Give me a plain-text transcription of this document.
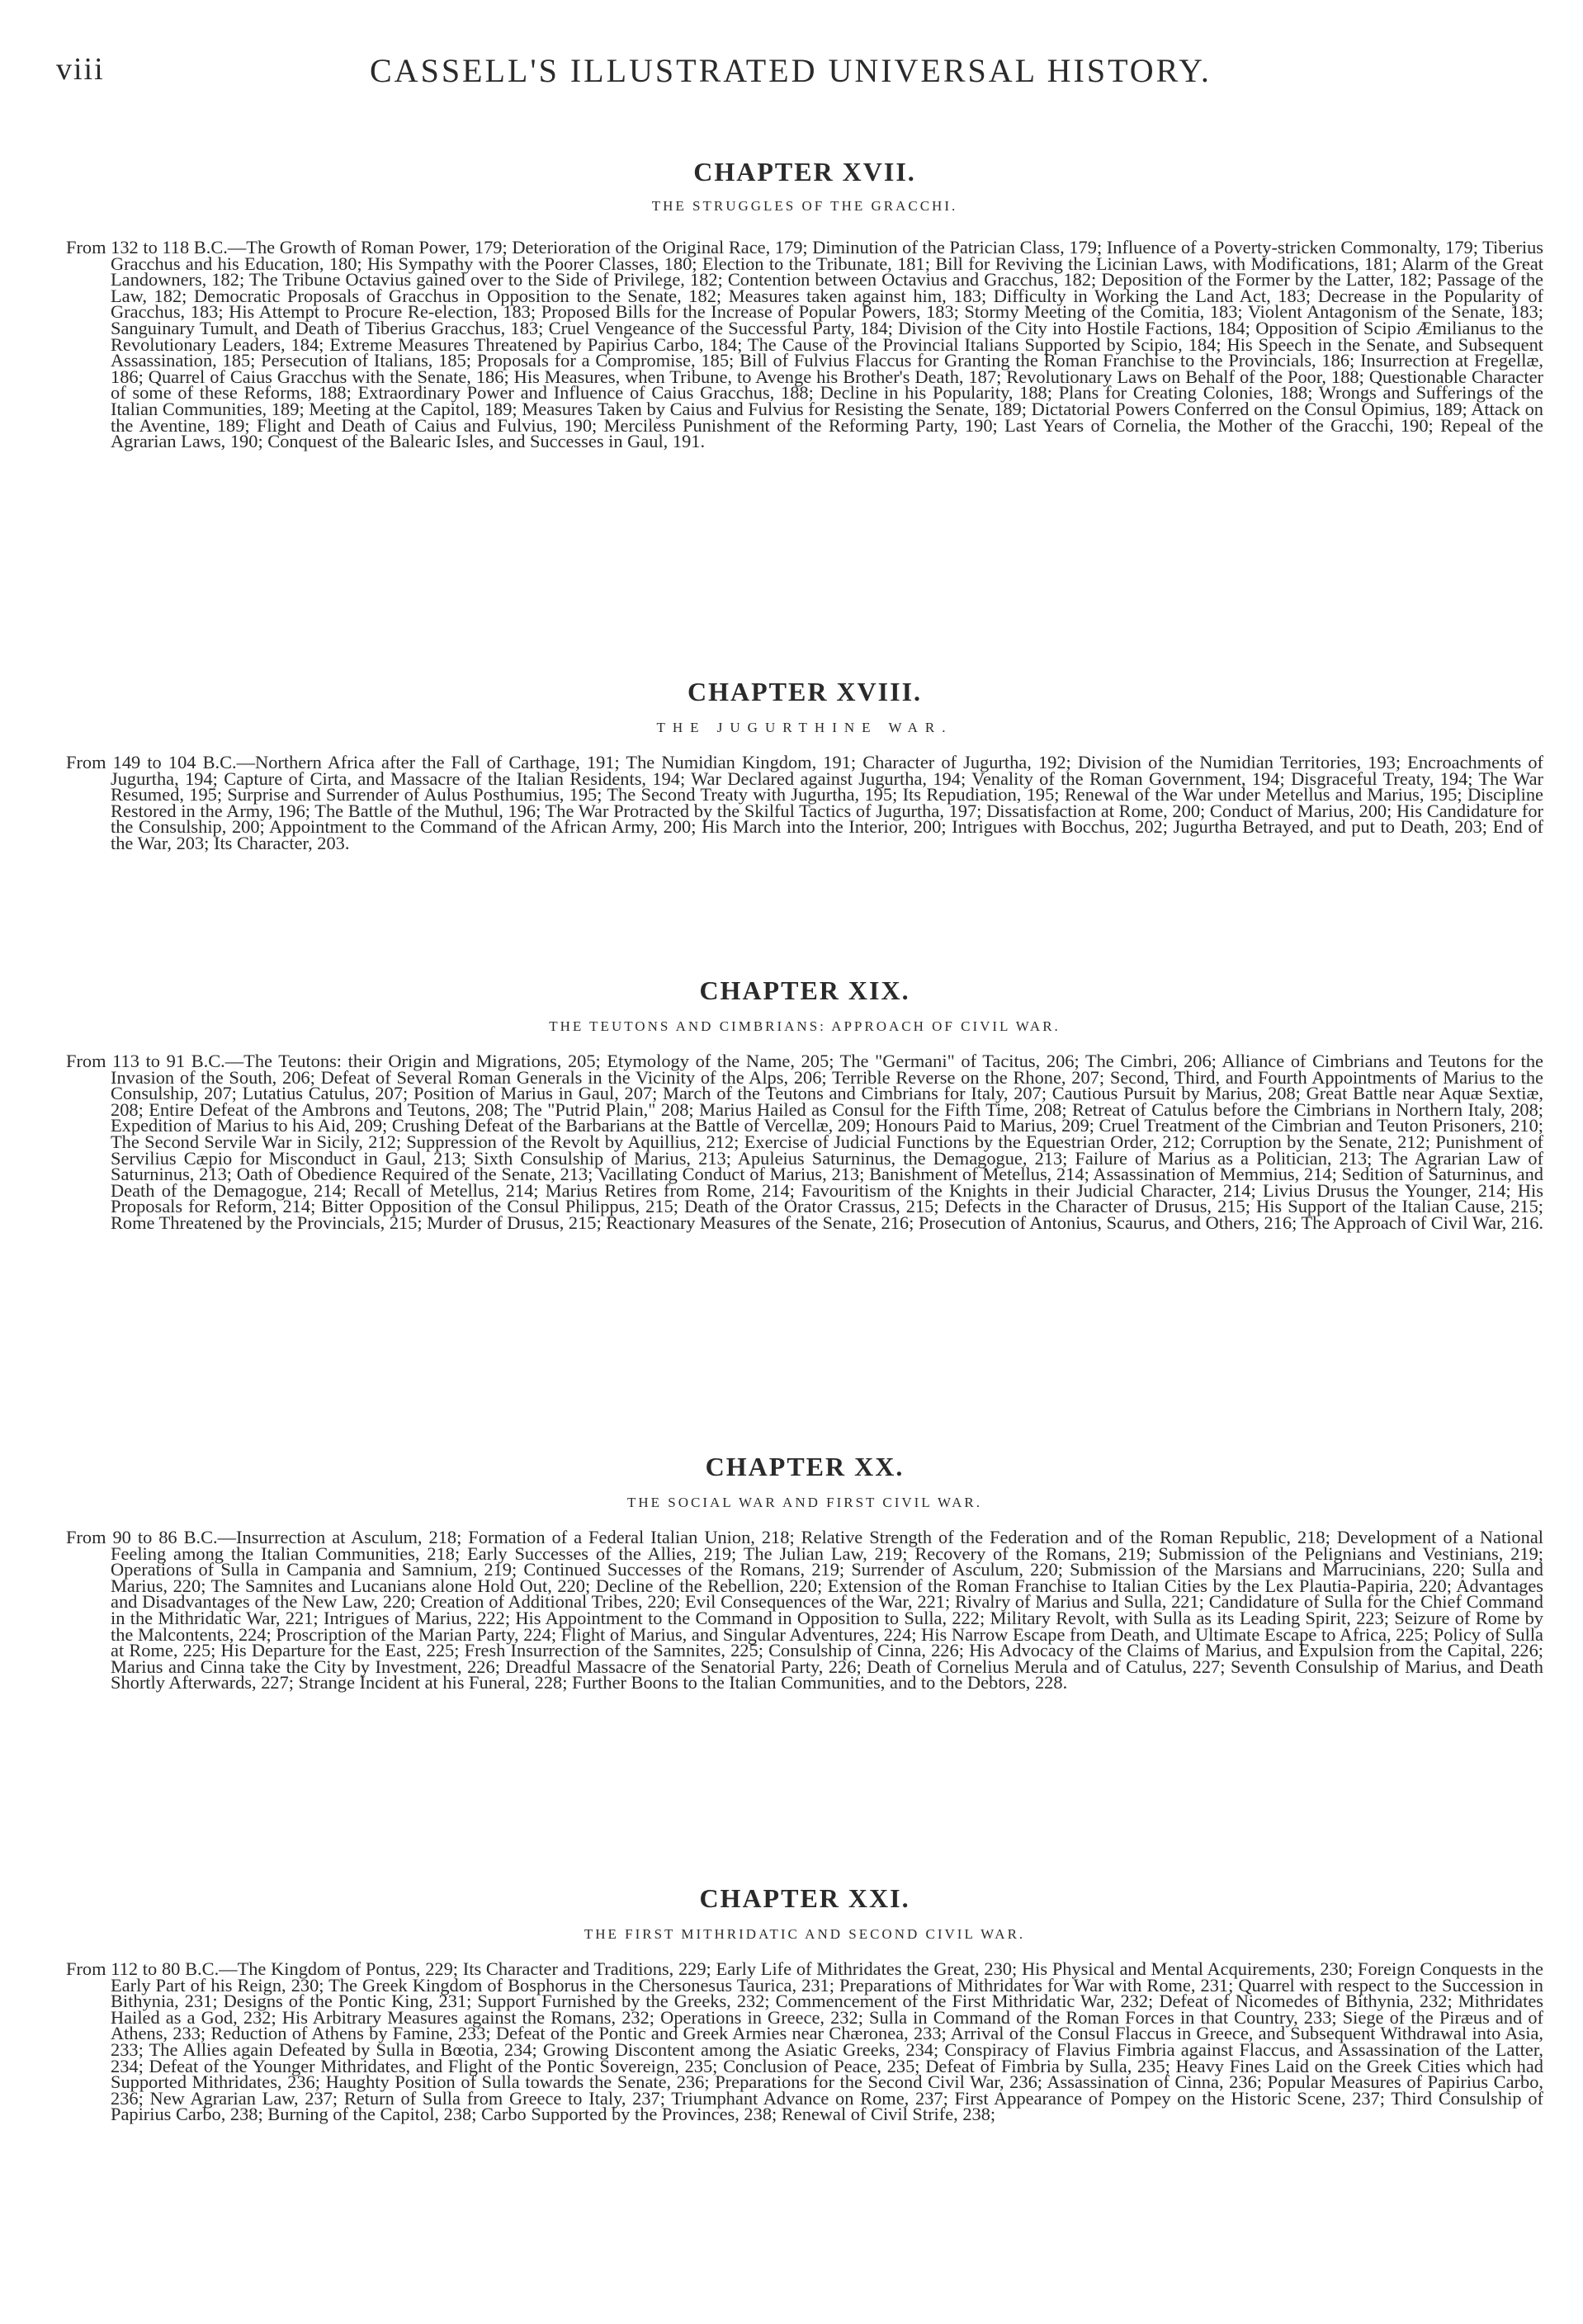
viii	CASSELL'S ILLUSTRATED UNIVERSAL HISTORY.
CHAPTER XVII.
THE STRUGGLES OF THE GRACCHI.

From 132 to 118 B.C.—The Growth of Roman Power, 179; Deterioration of the Original Race, 179; Diminution of the Patrician Class, 179; Influence of a Poverty-stricken Commonalty, 179; Tiberius Gracchus and his Education, 180; His Sympathy with the Poorer Classes, 180; Election to the Tribunate, 181; Bill for Reviving the Licinian Laws, with Modifications, 181; Alarm of the Great Landowners, 182; The Tribune Octavius gained over to the Side of Privilege, 182; Contention between Octavius and Gracchus, 182; Deposition of the Former by the Latter, 182; Passage of the Law, 182; Democratic Proposals of Gracchus in Opposition to the Senate, 182; Measures taken against him, 183; Difficulty in Working the Land Act, 183; Decrease in the Popularity of Gracchus, 183; His Attempt to Procure Re-election, 183; Proposed Bills for the Increase of Popular Powers, 183; Stormy Meeting of the Comitia, 183; Violent Antagonism of the Senate, 183; Sanguinary Tumult, and Death of Tiberius Gracchus, 183; Cruel Vengeance of the Successful Party, 184; Division of the City into Hostile Factions, 184; Opposition of Scipio Æmilianus to the Revolutionary Leaders, 184; Extreme Measures Threatened by Papirius Carbo, 184; The Cause of the Provincial Italians Supported by Scipio, 184; His Speech in the Senate, and Subsequent Assassination, 185; Persecution of Italians, 185; Proposals for a Compromise, 185; Bill of Fulvius Flaccus for Granting the Roman Franchise to the Provincials, 186; Insurrection at Fregellæ, 186; Quarrel of Caius Gracchus with the Senate, 186; His Measures, when Tribune, to Avenge his Brother's Death, 187; Revolutionary Laws on Behalf of the Poor, 188; Questionable Character of some of these Reforms, 188; Extraordinary Power and Influence of Caius Gracchus, 188; Decline in his Popularity, 188; Plans for Creating Colonies, 188; Wrongs and Sufferings of the Italian Communities, 189; Meeting at the Capitol, 189; Measures Taken by Caius and Fulvius for Resisting the Senate, 189; Dictatorial Powers Conferred on the Consul Opimius, 189; Attack on the Aventine, 189; Flight and Death of Caius and Fulvius, 190; Merciless Punishment of the Reforming Party, 190; Last Years of Cornelia, the Mother of the Gracchi, 190; Repeal of the Agrarian Laws, 190; Conquest of the Balearic Isles, and Successes in Gaul, 191.

CHAPTER XVIII.
THE JUGURTHINE WAR.

From 149 to 104 B.C.—Northern Africa after the Fall of Carthage, 191; The Numidian Kingdom, 191; Character of Jugurtha, 192; Division of the Numidian Territories, 193; Encroachments of Jugurtha, 194; Capture of Cirta, and Massacre of the Italian Residents, 194; War Declared against Jugurtha, 194; Venality of the Roman Government, 194; Disgraceful Treaty, 194; The War Resumed, 195; Surprise and Surrender of Aulus Posthumius, 195; The Second Treaty with Jugurtha, 195; Its Repudiation, 195; Renewal of the War under Metellus and Marius, 195; Discipline Restored in the Army, 196; The Battle of the Muthul, 196; The War Protracted by the Skilful Tactics of Jugurtha, 197; Dissatisfaction at Rome, 200; Conduct of Marius, 200; His Candidature for the Consulship, 200; Appointment to the Command of the African Army, 200; His March into the Interior, 200; Intrigues with Bocchus, 202; Jugurtha Betrayed, and put to Death, 203; End of the War, 203; Its Character, 203.

CHAPTER XIX.
THE TEUTONS AND CIMBRIANS: APPROACH OF CIVIL WAR.

From 113 to 91 B.C.—The Teutons: their Origin and Migrations, 205; Etymology of the Name, 205; The "Germani" of Tacitus, 206; The Cimbri, 206; Alliance of Cimbrians and Teutons for the Invasion of the South, 206; Defeat of Several Roman Generals in the Vicinity of the Alps, 206; Terrible Reverse on the Rhone, 207; Second, Third, and Fourth Appointments of Marius to the Consulship, 207; Lutatius Catulus, 207; Position of Marius in Gaul, 207; March of the Teutons and Cimbrians for Italy, 207; Cautious Pursuit by Marius, 208; Great Battle near Aquæ Sextiæ, 208; Entire Defeat of the Ambrons and Teutons, 208; The "Putrid Plain," 208; Marius Hailed as Consul for the Fifth Time, 208; Retreat of Catulus before the Cimbrians in Northern Italy, 208; Expedition of Marius to his Aid, 209; Crushing Defeat of the Barbarians at the Battle of Vercellæ, 209; Honours Paid to Marius, 209; Cruel Treatment of the Cimbrian and Teuton Prisoners, 210; The Second Servile War in Sicily, 212; Suppression of the Revolt by Aquillius, 212; Exercise of Judicial Functions by the Equestrian Order, 212; Corruption by the Senate, 212; Punishment of Servilius Cæpio for Misconduct in Gaul, 213; Sixth Consulship of Marius, 213; Apuleius Saturninus, the Demagogue, 213; Failure of Marius as a Politician, 213; The Agrarian Law of Saturninus, 213; Oath of Obedience Required of the Senate, 213; Vacillating Conduct of Marius, 213; Banishment of Metellus, 214; Assassination of Memmius, 214; Sedition of Saturninus, and Death of the Demagogue, 214; Recall of Metellus, 214; Marius Retires from Rome, 214; Favouritism of the Knights in their Judicial Character, 214; Livius Drusus the Younger, 214; His Proposals for Reform, 214; Bitter Opposition of the Consul Philippus, 215; Death of the Orator Crassus, 215; Defects in the Character of Drusus, 215; His Support of the Italian Cause, 215; Rome Threatened by the Provincials, 215; Murder of Drusus, 215; Reactionary Measures of the Senate, 216; Prosecution of Antonius, Scaurus, and Others, 216; The Approach of Civil War, 216.

CHAPTER XX.
THE SOCIAL WAR AND FIRST CIVIL WAR.

From 90 to 86 B.C.—Insurrection at Asculum, 218; Formation of a Federal Italian Union, 218; Relative Strength of the Federation and of the Roman Republic, 218; Development of a National Feeling among the Italian Communities, 218; Early Successes of the Allies, 219; The Julian Law, 219; Recovery of the Romans, 219; Submission of the Pelignians and Vestinians, 219; Operations of Sulla in Campania and Samnium, 219; Continued Successes of the Romans, 219; Surrender of Asculum, 220; Submission of the Marsians and Marrucinians, 220; Sulla and Marius, 220; The Samnites and Lucanians alone Hold Out, 220; Decline of the Rebellion, 220; Extension of the Roman Franchise to Italian Cities by the Lex Plautia-Papiria, 220; Advantages and Disadvantages of the New Law, 220; Creation of Additional Tribes, 220; Evil Consequences of the War, 221; Rivalry of Marius and Sulla, 221; Candidature of Sulla for the Chief Command in the Mithridatic War, 221; Intrigues of Marius, 222; His Appointment to the Command in Opposition to Sulla, 222; Military Revolt, with Sulla as its Leading Spirit, 223; Seizure of Rome by the Malcontents, 224; Proscription of the Marian Party, 224; Flight of Marius, and Singular Adventures, 224; His Narrow Escape from Death, and Ultimate Escape to Africa, 225; Policy of Sulla at Rome, 225; His Departure for the East, 225; Fresh Insurrection of the Samnites, 225; Consulship of Cinna, 226; His Advocacy of the Claims of Marius, and Expulsion from the Capital, 226; Marius and Cinna take the City by Investment, 226; Dreadful Massacre of the Senatorial Party, 226; Death of Cornelius Merula and of Catulus, 227; Seventh Consulship of Marius, and Death Shortly Afterwards, 227; Strange Incident at his Funeral, 228; Further Boons to the Italian Communities, and to the Debtors, 228.

CHAPTER XXI.
THE FIRST MITHRIDATIC AND SECOND CIVIL WAR.

From 112 to 80 B.C.—The Kingdom of Pontus, 229; Its Character and Traditions, 229; Early Life of Mithridates the Great, 230; His Physical and Mental Acquirements, 230; Foreign Conquests in the Early Part of his Reign, 230; The Greek Kingdom of Bosphorus in the Chersonesus Taurica, 231; Preparations of Mithridates for War with Rome, 231; Quarrel with respect to the Succession in Bithynia, 231; Designs of the Pontic King, 231; Support Furnished by the Greeks, 232; Commencement of the First Mithridatic War, 232; Defeat of Nicomedes of Bithynia, 232; Mithridates Hailed as a God, 232; His Arbitrary Measures against the Romans, 232; Operations in Greece, 232; Sulla in Command of the Roman Forces in that Country, 233; Siege of the Piræus and of Athens, 233; Reduction of Athens by Famine, 233; Defeat of the Pontic and Greek Armies near Chæronea, 233; Arrival of the Consul Flaccus in Greece, and Subsequent Withdrawal into Asia, 233; The Allies again Defeated by Sulla in Bœotia, 234; Growing Discontent among the Asiatic Greeks, 234; Conspiracy of Flavius Fimbria against Flaccus, and Assassination of the Latter, 234; Defeat of the Younger Mithridates, and Flight of the Pontic Sovereign, 235; Conclusion of Peace, 235; Defeat of Fimbria by Sulla, 235; Heavy Fines Laid on the Greek Cities which had Supported Mithridates, 236; Haughty Position of Sulla towards the Senate, 236; Preparations for the Second Civil War, 236; Assassination of Cinna, 236; Popular Measures of Papirius Carbo, 236; New Agrarian Law, 237; Return of Sulla from Greece to Italy, 237; Triumphant Advance on Rome, 237; First Appearance of Pompey on the Historic Scene, 237; Third Consulship of Papirius Carbo, 238; Burning of the Capitol, 238; Carbo Supported by the Provinces, 238; Renewal of Civil Strife, 238;
